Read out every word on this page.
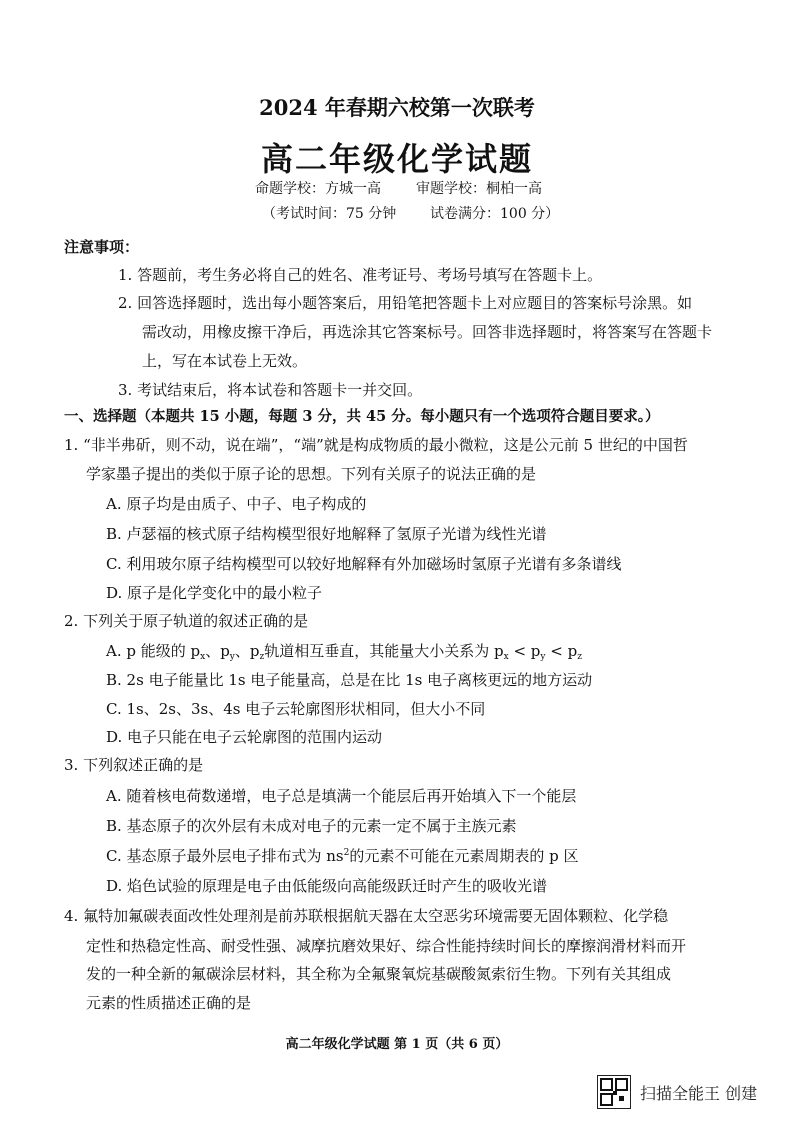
2024 年春期六校第一次联考
高二年级化学试题
命题学校：方城一高	审题学校：桐柏一高
（考试时间：75 分钟 试卷满分：100 分）
注意事项：
1. 答题前，考生务必将自己的姓名、准考证号、考场号填写在答题卡上。
2. 回答选择题时，选出每小题答案后，用铅笔把答题卡上对应题目的答案标号涂黑。如
需改动，用橡皮擦干净后，再选涂其它答案标号。回答非选择题时，将答案写在答题卡
上，写在本试卷上无效。
3. 考试结束后，将本试卷和答题卡一并交回。
一、选择题（本题共 15 小题，每题 3 分，共 45 分。每小题只有一个选项符合题目要求。）
1. “非半弗斫，则不动，说在端”，“端”就是构成物质的最小微粒，这是公元前 5 世纪的中国哲
学家墨子提出的类似于原子论的思想。下列有关原子的说法正确的是
A. 原子均是由质子、中子、电子构成的
B. 卢瑟福的核式原子结构模型很好地解释了氢原子光谱为线性光谱
C. 利用玻尔原子结构模型可以较好地解释有外加磁场时氢原子光谱有多条谱线
D. 原子是化学变化中的最小粒子
2. 下列关于原子轨道的叙述正确的是
A. p 能级的 $p_x$、$p_y$、$p_z$轨道相互垂直，其能量大小关系为 $p_x < p_y < p_z$
B. 2s 电子能量比 1s 电子能量高，总是在比 1s 电子离核更远的地方运动
C. 1s、2s、3s、4s 电子云轮廓图形状相同，但大小不同
D. 电子只能在电子云轮廓图的范围内运动
3. 下列叙述正确的是
A. 随着核电荷数递增，电子总是填满一个能层后再开始填入下一个能层
B. 基态原子的次外层有未成对电子的元素一定不属于主族元素
C. 基态原子最外层电子排布式为 $ns^2$的元素不可能在元素周期表的 p 区
D. 焰色试验的原理是电子由低能级向高能级跃迁时产生的吸收光谱
4. 氟特加氟碳表面改性处理剂是前苏联根据航天器在太空恶劣环境需要无固体颗粒、化学稳
定性和热稳定性高、耐受性强、减摩抗磨效果好、综合性能持续时间长的摩擦润滑材料而开
发的一种全新的氟碳涂层材料，其全称为全氟聚氧烷基碳酸氮索衍生物。下列有关其组成
元素的性质描述正确的是
高二年级化学试题 第 1 页（共 6 页）
扫描全能王 创建
